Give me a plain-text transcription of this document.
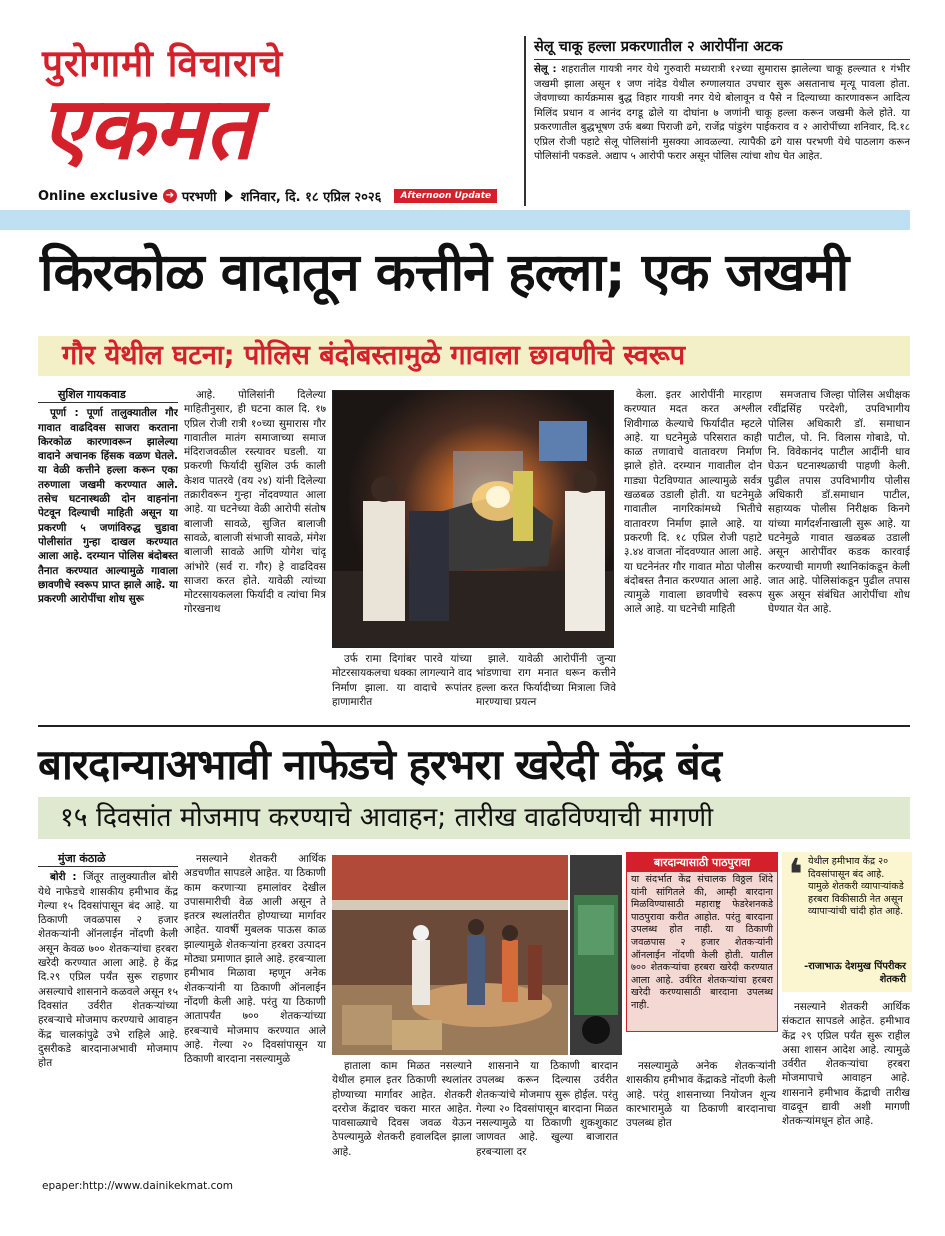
पुरोगामी विचाराचे
एकमत
Online exclusive ➔ परभणी शनिवार, दि. १८ एप्रिल २०२६	Afternoon Update
सेलू चाकू हल्ला प्रकरणातील २ आरोपींना अटक
सेलू : शहरातील गायत्री नगर येथे गुरुवारी मध्यरात्री १२च्या सुमारास झालेल्या चाकू हल्ल्यात १ गंभीर जखमी झाला असून १ जण नांदेड येथील रुग्णालयात उपचार सुरू असतानाच मृत्यू पावला होता. जेवणाच्या कार्यक्रमास बुद्ध विहार गायत्री नगर येथे बोलावून व पैसे न दिल्याच्या कारणावरून आदित्य मिलिंद प्रधान व आनंद दगडू ढोले या दोघांना ७ जणांनी चाकू हल्ला करून जखमी केले होते. या प्रकरणातील बुद्धभूषण उर्फ बब्या पिराजी ढगे, राजेंद्र पांडुरंग पाईकराव व २ आरोपींच्या शनिवार, दि.१८ एप्रिल रोजी पहाटे सेलू पोलिसांनी मुसक्या आवळल्या. त्यापैकी ढगे यास परभणी येथे पाठलाग करून पोलिसांनी पकडले. अद्याप ५ आरोपी फरार असून पोलिस त्यांचा शोध घेत आहेत.
किरकोळ वादातून कत्तीने हल्ला; एक जखमी
गौर येथील घटना; पोलिस बंदोबस्तामुळे गावाला छावणीचे स्वरूप
सुशिल गायकवाड

पूर्णा : पूर्णा तालुक्यातील गौर गावात वाढदिवस साजरा करताना किरकोळ कारणावरून झालेल्या वादाने अचानक हिंसक वळण घेतले. या वेळी कत्तीने हल्ला करून एका तरुणाला जखमी करण्यात आले. तसेच घटनास्थळी दोन वाहनांना पेटवून दिल्याची माहिती असून या प्रकरणी ५ जणांविरुद्ध चुडावा पोलीसांत गुन्हा दाखल करण्यात आला आहे. दरम्यान पोलिस बंदोबस्त तैनात करण्यात आल्यामुळे गावाला छावणीचे स्वरूप प्राप्त झाले आहे. या प्रकरणी आरोपींचा शोध सुरू

आहे. पोलिसांनी दिलेल्या माहितीनुसार, ही घटना काल दि. १७ एप्रिल रोजी रात्री १०च्या सुमारास गौर गावातील मातंग समाजाच्या समाज मंदिराजवळील रस्त्यावर घडली. या प्रकरणी फिर्यादी सुशिल उर्फ काली केशव पातरवे (वय २४) यांनी दिलेल्या तक्रारीवरून गुन्हा नोंदवण्यात आला आहे. या घटनेच्या वेळी आरोपी संतोष बालाजी सावळे, सुजित बालाजी सावळे, बालाजी संभाजी सावळे, मंगेश बालाजी सावळे आणि योगेश चांदू आंभोरे (सर्व रा. गौर) हे वाढदिवस साजरा करत होते. यावेळी त्यांच्या मोटरसायकलला फिर्यादी व त्यांचा मित्र गोरखनाथ

उर्फ रामा दिगांबर पारवे यांच्या मोटरसायकलचा धक्का लागल्याने वाद निर्माण झाला. या वादाचे रूपांतर हाणामारीत

झाले. यावेळी आरोपींनी जुन्या भांडणाचा राग मनात धरून कत्तीने हल्ला करत फिर्यादीच्या मित्राला जिवे मारण्याचा प्रयत्न

केला. इतर आरोपींनी मारहाण करण्यात मदत करत अश्लील शिवीगाळ केल्याचे फिर्यादीत म्हटले आहे. या घटनेमुळे परिसरात काही काळ तणावाचे वातावरण निर्माण झाले होते. दरम्यान गावातील दोन गाड्या पेटविण्यात आल्यामुळे सर्वत्र खळबळ उडाली होती. या घटनेमुळे गावातील नागरिकांमध्ये भितीचे वातावरण निर्माण झाले आहे. या प्रकरणी दि. १८ एप्रिल रोजी पहाटे ३.४४ वाजता नोंदवण्यात आला आहे. या घटनेनंतर गौर गावात मोठा पोलीस बंदोबस्त तैनात करण्यात आला आहे. त्यामुळे गावाला छावणीचे स्वरूप आले आहे. या घटनेची माहिती

समजताच जिल्हा पोलिस अधीक्षक रवींद्रसिंह परदेशी, उपविभागीय पोलिस अधिकारी डॉ. समाधान पाटील, पो. नि. विलास गोबाडे, पो. नि. विवेकानंद पाटील आदींनी धाव घेऊन घटनास्थळाची पाहणी केली. पुढील तपास उपविभागीय पोलीस अधिकारी डॉ.समाधान पाटील, सहाय्यक पोलीस निरीक्षक किनगे यांच्या मार्गदर्शनाखाली सुरू आहे. या घटनेमुळे गावात खळबळ उडाली असून आरोपींवर कडक कारवाई करण्याची मागणी स्थानिकांकडून केली जात आहे. पोलिसांकडून पुढील तपास सुरू असून संबंधित आरोपींचा शोध घेण्यात येत आहे.

बारदान्याअभावी नाफेडचे हरभरा खरेदी केंद्र बंद
१५ दिवसांत मोजमाप करण्याचे आवाहन; तारीख वाढविण्याची मागणी
मुंजा कंठाळे

बोरी : जिंतूर तालुक्यातील बोरी येथे नाफेडचे शासकीय हमीभाव केंद्र गेल्या १५ दिवसांपासून बंद आहे. या ठिकाणी जवळपास २ हजार शेतकऱ्यांनी ऑनलाईन नोंदणी केली असून केवळ ७०० शेतकऱ्यांचा हरबरा खरेदी करण्यात आला आहे. हे केंद्र दि.२९ एप्रिल पर्यंत सुरू राहणार असल्याचे शासनाने कळवले असून १५ दिवसांत उर्वरीत शेतकऱ्यांच्या हरबऱ्याचे मोजमाप करण्याचे आवाहन केंद्र चालकांपुढे उभे राहिले आहे. दुसरीकडे बारदानाअभावी मोजमाप होत

नसल्याने शेतकरी आर्थिक अडचणीत सापडले आहेत. या ठिकाणी काम करणाऱ्या हमालांवर देखील उपासमारीची वेळ आली असून ते इतरत्र स्थलांतरीत होण्याच्या मार्गावर आहेत. यावर्षी मुबलक पाऊस काळ झाल्यामुळे शेतकऱ्यांना हरबरा उत्पादन मोठ्या प्रमाणात झाले आहे. हरबऱ्याला हमीभाव मिळावा म्हणून अनेक शेतकऱ्यांनी या ठिकाणी ऑनलाईन नोंदणी केली आहे. परंतु या ठिकाणी आतापर्यंत ७०० शेतकऱ्यांच्या हरबऱ्याचे मोजमाप करण्यात आले आहे. गेल्या २० दिवसांपासून या ठिकाणी बारदाना नसल्यामुळे

हाताला काम मिळत नसल्याने येथील हमाल इतर ठिकाणी स्थलांतर होण्याच्या मार्गावर आहेत. शेतकरी दररोज केंद्रावर चकरा मारत आहेत. पावसाळ्याचे दिवस जवळ येऊन ठेपल्यामुळे शेतकरी हवालदिल झाला आहे.

शासनाने या ठिकाणी बारदान उपलब्ध करून दिल्यास उर्वरीत शेतकऱ्यांचे मोजमाप सुरू होईल. परंतु गेल्या २० दिवसांपासून बारदाना मिळत नसल्यामुळे या ठिकाणी शुकशुकाट जाणवत आहे. खुल्या बाजारात हरबऱ्याला दर

बारदान्यासाठी पाठपुरावा
या संदर्भात केंद्र संचालक विठ्ठल शिंदे यांनी सांगितले की, आम्ही बारदाना मिळविण्यासाठी महाराष्ट्र फेडरेशनकडे पाठपुरावा करीत आहोत. परंतु बारदाना उपलब्ध होत नाही. या ठिकाणी जवळपास २ हजार शेतकऱ्यांनी ऑनलाईन नोंदणी केली होती. यातील ७०० शेतकऱ्यांचा हरबरा खरेदी करण्यात आला आहे. उर्वरित शेतकऱ्यांचा हरबरा खरेदी करण्यासाठी बारदाना उपलब्ध नाही.

नसल्यामुळे अनेक शेतकऱ्यांनी शासकीय हमीभाव केंद्राकडे नोंदणी केली आहे. परंतु शासनाच्या नियोजन शून्य कारभारामुळे या ठिकाणी बारदानाचा उपलब्ध होत

❛ येथील हमीभाव केंद्र २० दिवसांपासून बंद आहे. यामुळे शेतकरी व्यापाऱ्यांकडे हरबरा विकीसाठी नेत असून व्यापाऱ्यांची चांदी होत आहे.
-राजाभाऊ देशमुख पिंपरीकर
शेतकरी

नसल्याने शेतकरी आर्थिक संकटात सापडले आहेत. हमीभाव केंद्र २९ एप्रिल पर्यंत सुरू राहील असा शासन आदेश आहे. त्यामुळे उर्वरीत शेतकऱ्यांचा हरबरा मोजमापाचे आवाहन आहे. शासनाने हमीभाव केंद्राची तारीख वाढवून द्यावी अशी मागणी शेतकऱ्यांमधून होत आहे.

epaper:http://www.dainikekmat.com
